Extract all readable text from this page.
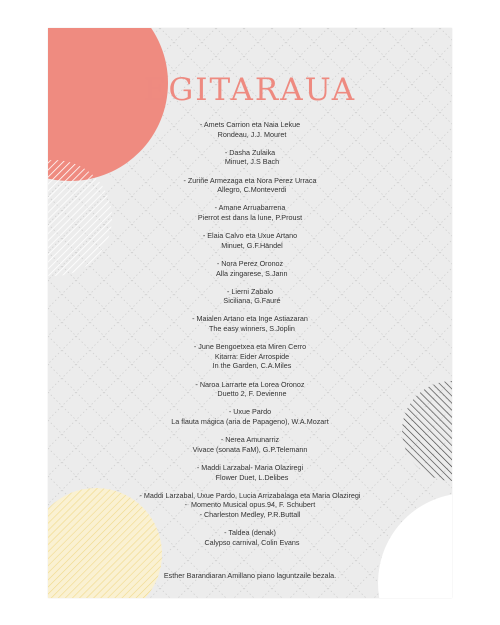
EGITARAUA
- Amets Carrion eta Naia Lekue
Rondeau, J.J. Mouret
- Dasha Zulaika
Minuet, J.S Bach
- Zuriñe Armezaga eta Nora Perez Urraca
Allegro, C.Monteverdi
- Amane Arruabarrena
Pierrot est dans la lune, P.Proust
- Elaia Calvo eta Uxue Artano
Minuet, G.F.Händel
- Nora Perez Oronoz
Alla zingarese, S.Jann
- Lierni Zabalo
Siciliana, G.Fauré
- Maialen Artano eta Inge Astiazaran
The easy winners, S.Joplin
- June Bengoetxea eta Miren Cerro
Kitarra: Eider Arrospide
In the Garden, C.A.Miles
- Naroa Larrarte eta Lorea Oronoz
Duetto 2, F. Devienne
- Uxue Pardo
La flauta mágica (aria de Papageno), W.A.Mozart
- Nerea Amunarriz
Vivace (sonata FaM), G.P.Telemann
- Maddi Larzabal- Maria Olaziregi
Flower Duet, L.Delibes
- Maddi Larzabal, Uxue Pardo, Lucia Arrizabalaga eta Maria Olaziregi
-  Momento Musical opus.94, F. Schubert
- Charleston Medley, P.R.Buttall
- Taldea (denak)
Calypso carnival, Colin Evans
Esther Barandiaran Amillano piano laguntzaile bezala.
